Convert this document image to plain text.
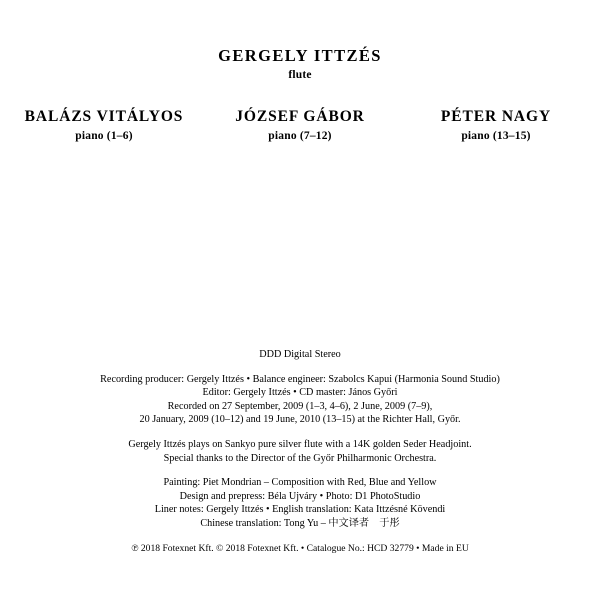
GERGELY ITTZÉS
flute
BALÁZS VITÁLYOS
piano (1–6)
JÓZSEF GÁBOR
piano (7–12)
PÉTER NAGY
piano (13–15)
DDD Digital Stereo
Recording producer: Gergely Ittzés • Balance engineer: Szabolcs Kapui (Harmonia Sound Studio)
Editor: Gergely Ittzés • CD master: János Győri
Recorded on 27 September, 2009 (1–3, 4–6), 2 June, 2009 (7–9),
20 January, 2009 (10–12) and 19 June, 2010 (13–15) at the Richter Hall, Győr.
Gergely Ittzés plays on Sankyo pure silver flute with a 14K golden Seder Headjoint.
Special thanks to the Director of the Győr Philharmonic Orchestra.
Painting: Piet Mondrian – Composition with Red, Blue and Yellow
Design and prepress: Béla Ujváry • Photo: D1 PhotoStudio
Liner notes: Gergely Ittzés • English translation: Kata Ittzésné Kövendi
Chinese translation: Tong Yu – 中文译者　于彤
℗ 2018 Fotexnet Kft. © 2018 Fotexnet Kft. • Catalogue No.: HCD 32779 • Made in EU
